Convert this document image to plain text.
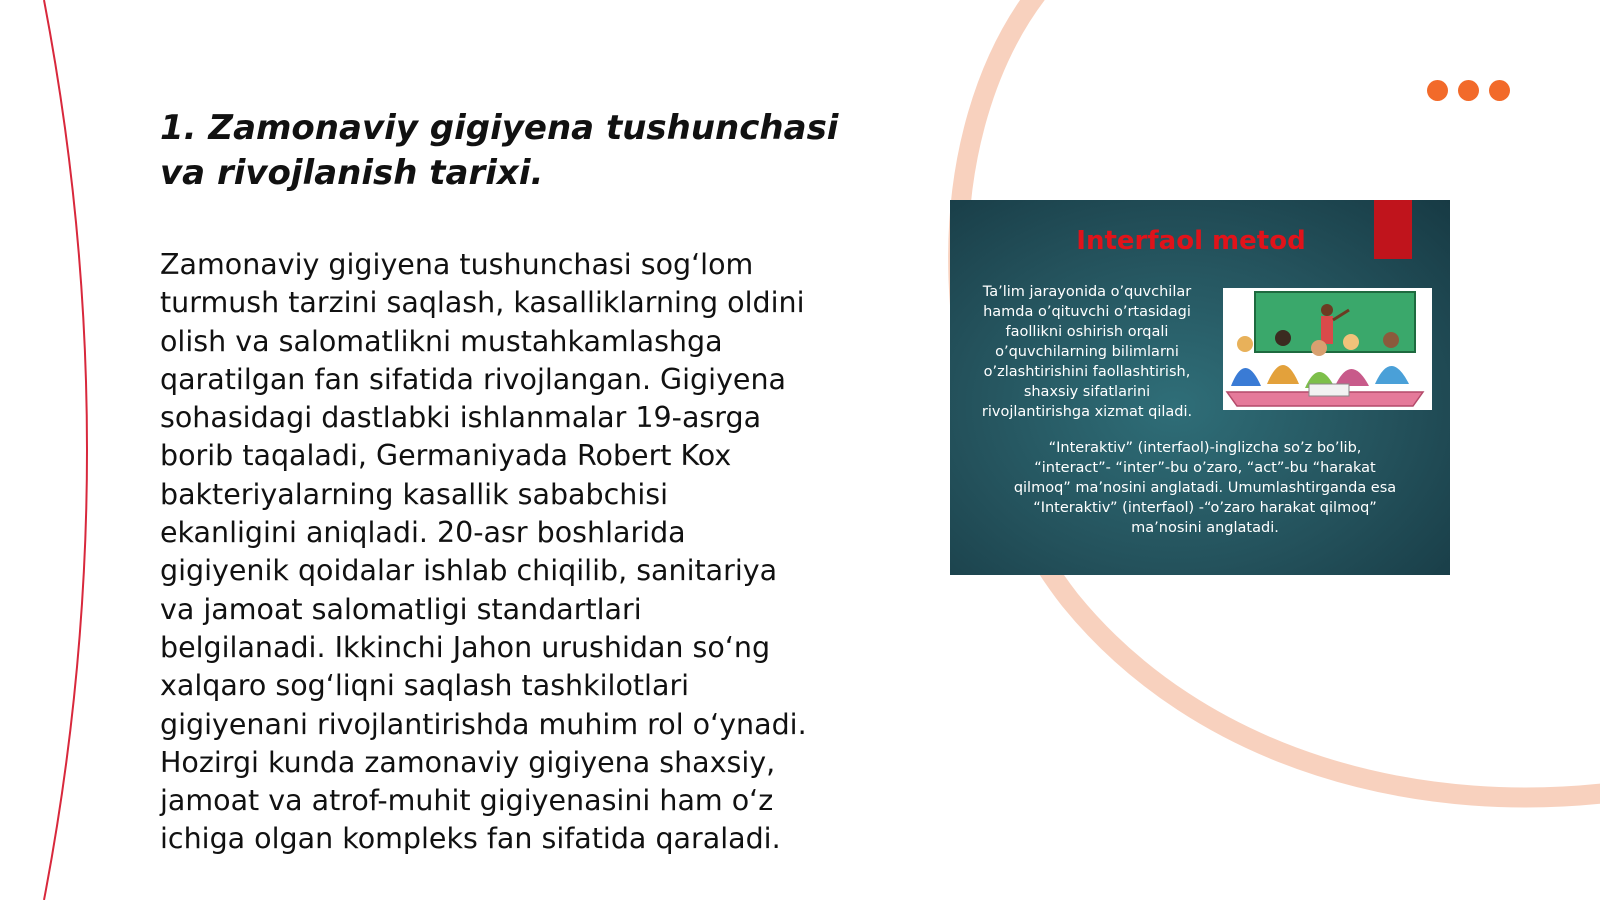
1. Zamonaviy gigiyena tushunchasi va rivojlanish tarixi.

Zamonaviy gigiyena tushunchasi sog‘lom
turmush tarzini saqlash, kasalliklarning oldini
olish va salomatlikni mustahkamlashga
qaratilgan fan sifatida rivojlangan. Gigiyena
sohasidagi dastlabki ishlanmalar 19-asrga
borib taqaladi, Germaniyada Robert Kox
bakteriyalarning kasallik sababchisi
ekanligini aniqladi. 20-asr boshlarida
gigiyenik qoidalar ishlab chiqilib, sanitariya
va jamoat salomatligi standartlari
belgilanadi. Ikkinchi Jahon urushidan so‘ng
xalqaro sog‘liqni saqlash tashkilotlari
gigiyenani rivojlantirishda muhim rol o‘ynadi.
Hozirgi kunda zamonaviy gigiyena shaxsiy,
jamoat va atrof-muhit gigiyenasini ham o‘z
ichiga olgan kompleks fan sifatida qaraladi.

Interfaol metod
Ta’lim jarayonida o’quvchilar
hamda o’qituvchi o’rtasidagi
faollikni oshirish orqali
o’quvchilarning bilimlarni
o’zlashtirishini faollashtirish,
shaxsiy sifatlarini
rivojlantirishga xizmat qiladi.
“Interaktiv” (interfaol)-inglizcha so’z bo’lib,
“interact”- “inter”-bu o’zaro, “act”-bu “harakat
qilmoq” ma’nosini anglatadi. Umumlashtirganda esa
“Interaktiv” (interfaol) -“o’zaro harakat qilmoq”
ma’nosini anglatadi.
